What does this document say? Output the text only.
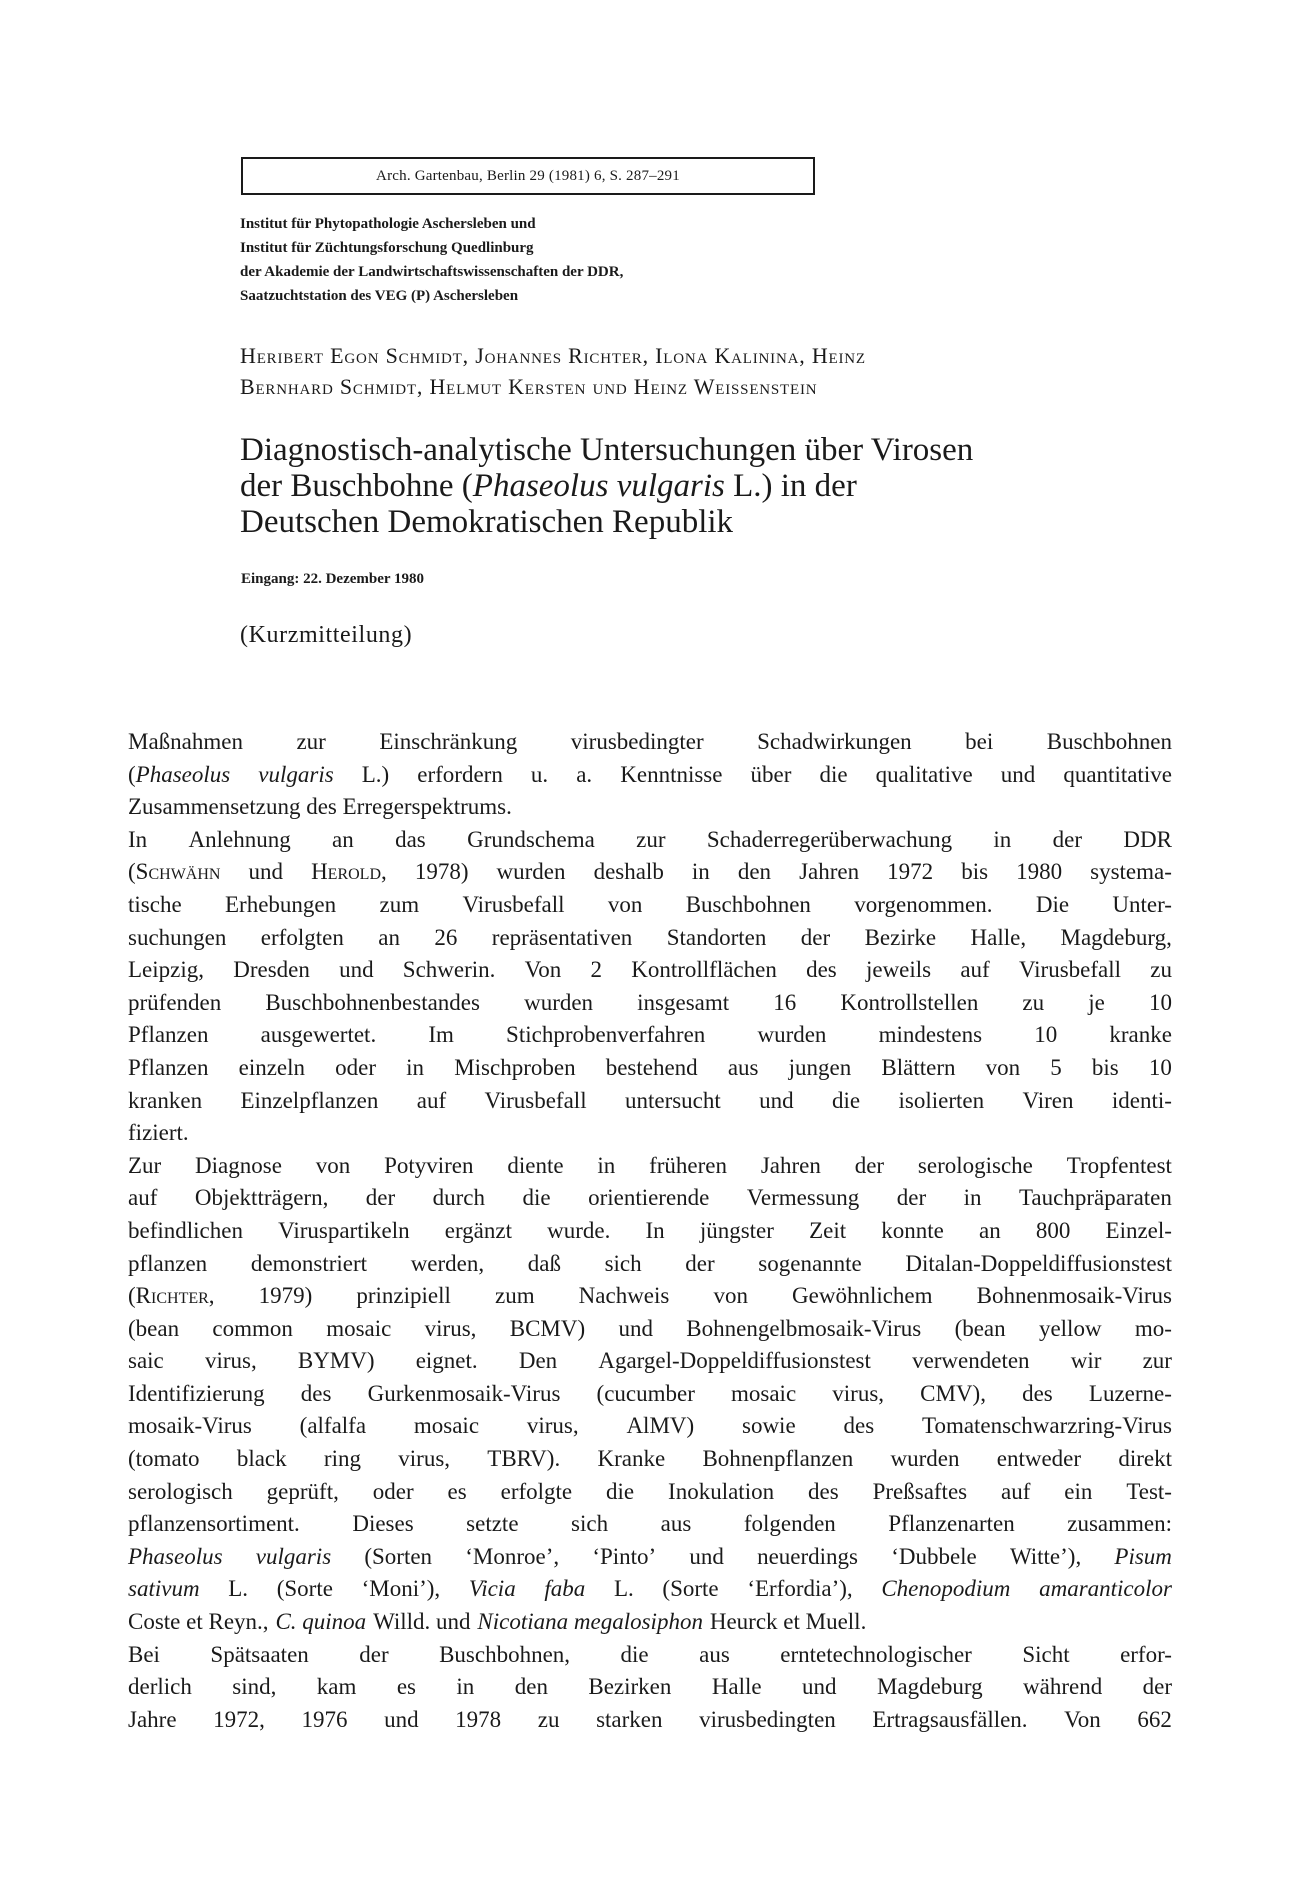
Arch. Gartenbau, Berlin 29 (1981) 6, S. 287–291
Institut für Phytopathologie Aschersleben und
Institut für Züchtungsforschung Quedlinburg
der Akademie der Landwirtschaftswissenschaften der DDR,
Saatzuchtstation des VEG (P) Aschersleben
Heribert Egon Schmidt, Johannes Richter, Ilona Kalinina, Heinz
Bernhard Schmidt, Helmut Kersten und Heinz Weissenstein
Diagnostisch-analytische Untersuchungen über Virosen
der Buschbohne (Phaseolus vulgaris L.) in der
Deutschen Demokratischen Republik
Eingang: 22. Dezember 1980
(Kurzmitteilung)
Maßnahmen zur Einschränkung virusbedingter Schadwirkungen bei Buschbohnen
(Phaseolus vulgaris L.) erfordern u. a. Kenntnisse über die qualitative und quantitative
Zusammensetzung des Erregerspektrums.
In Anlehnung an das Grundschema zur Schaderregerüberwachung in der DDR
(Schwähn und Herold, 1978) wurden deshalb in den Jahren 1972 bis 1980 systema-
tische Erhebungen zum Virusbefall von Buschbohnen vorgenommen. Die Unter-
suchungen erfolgten an 26 repräsentativen Standorten der Bezirke Halle, Magdeburg,
Leipzig, Dresden und Schwerin. Von 2 Kontrollflächen des jeweils auf Virusbefall zu
prüfenden Buschbohnenbestandes wurden insgesamt 16 Kontrollstellen zu je 10
Pflanzen ausgewertet. Im Stichprobenverfahren wurden mindestens 10 kranke
Pflanzen einzeln oder in Mischproben bestehend aus jungen Blättern von 5 bis 10
kranken Einzelpflanzen auf Virusbefall untersucht und die isolierten Viren identi-
fiziert.
Zur Diagnose von Potyviren diente in früheren Jahren der serologische Tropfentest
auf Objektträgern, der durch die orientierende Vermessung der in Tauchpräparaten
befindlichen Viruspartikeln ergänzt wurde. In jüngster Zeit konnte an 800 Einzel-
pflanzen demonstriert werden, daß sich der sogenannte Ditalan-Doppeldiffusionstest
(Richter, 1979) prinzipiell zum Nachweis von Gewöhnlichem Bohnenmosaik-Virus
(bean common mosaic virus, BCMV) und Bohnengelbmosaik-Virus (bean yellow mo-
saic virus, BYMV) eignet. Den Agargel-Doppeldiffusionstest verwendeten wir zur
Identifizierung des Gurkenmosaik-Virus (cucumber mosaic virus, CMV), des Luzerne-
mosaik-Virus (alfalfa mosaic virus, AlMV) sowie des Tomatenschwarzring-Virus
(tomato black ring virus, TBRV). Kranke Bohnenpflanzen wurden entweder direkt
serologisch geprüft, oder es erfolgte die Inokulation des Preßsaftes auf ein Test-
pflanzensortiment. Dieses setzte sich aus folgenden Pflanzenarten zusammen:
Phaseolus vulgaris (Sorten ‘Monroe’, ‘Pinto’ und neuerdings ‘Dubbele Witte’), Pisum
sativum L. (Sorte ‘Moni’), Vicia faba L. (Sorte ‘Erfordia’), Chenopodium amaranticolor
Coste et Reyn., C. quinoa Willd. und Nicotiana megalosiphon Heurck et Muell.
Bei Spätsaaten der Buschbohnen, die aus erntetechnologischer Sicht erfor-
derlich sind, kam es in den Bezirken Halle und Magdeburg während der
Jahre 1972, 1976 und 1978 zu starken virusbedingten Ertragsausfällen. Von 662
